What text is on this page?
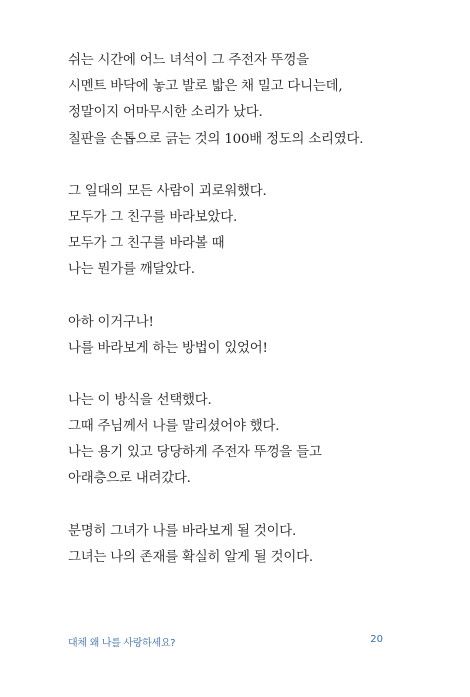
쉬는 시간에 어느 녀석이 그 주전자 뚜껑을
시멘트 바닥에 놓고 발로 밟은 채 밀고 다니는데,
정말이지 어마무시한 소리가 났다.
칠판을 손톱으로 긁는 것의 100배 정도의 소리였다.
그 일대의 모든 사람이 괴로워했다.
모두가 그 친구를 바라보았다.
모두가 그 친구를 바라볼 때
나는 뭔가를 깨달았다.
아하 이거구나!
나를 바라보게 하는 방법이 있었어!
나는 이 방식을 선택했다.
그때 주님께서 나를 말리셨어야 했다.
나는 용기 있고 당당하게 주전자 뚜껑을 들고
아래층으로 내려갔다.
분명히 그녀가 나를 바라보게 될 것이다.
그녀는 나의 존재를 확실히 알게 될 것이다.
대체 왜 나를 사랑하세요?	20
